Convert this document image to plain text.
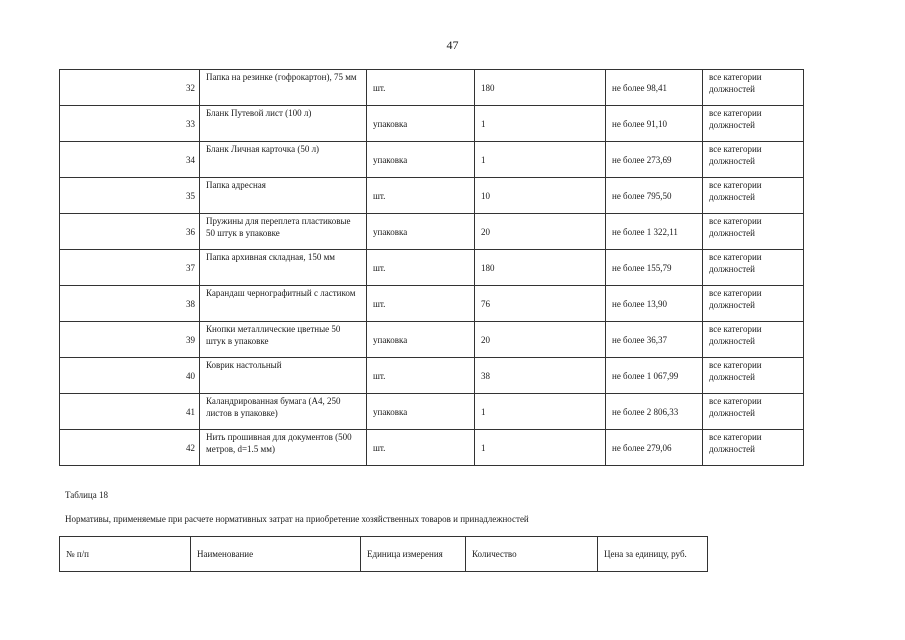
47
32	Папка на резинке (гофрокартон), 75 мм	шт.	180	не более 98,41	все категории
должностей

33	Бланк Путевой лист (100 л)	упаковка	1	не более 91,10	все категории
должностей

34	Бланк Личная карточка (50 л)	упаковка	1	не более 273,69	все категории
должностей

35	Папка адресная	шт.	10	не более 795,50	все категории
должностей

36	Пружины для переплета пластиковые 50 штук в упаковке	упаковка	20	не более 1 322,11	все категории
должностей

37	Папка архивная складная, 150 мм	шт.	180	не более 155,79	все категории
должностей

38	Карандаш чернографитный с ластиком	шт.	76	не более 13,90	все категории
должностей

39	Кнопки металлические цветные 50 штук в упаковке	упаковка	20	не более 36,37	все категории
должностей

40	Коврик настольный	шт.	38	не более 1 067,99	все категории
должностей

41	Каландрированная бумага (А4, 250 листов в упаковке)	упаковка	1	не более 2 806,33	все категории
должностей

42	Нить прошивная для документов (500 метров, d=1.5 мм)	шт.	1	не более 279,06	все категории
должностей
Таблица 18
Нормативы, применяемые при расчете нормативных затрат на приобретение хозяйственных товаров и принадлежностей
№ п/п	Наименование	Единица измерения	Количество	Цена за единицу, руб.
